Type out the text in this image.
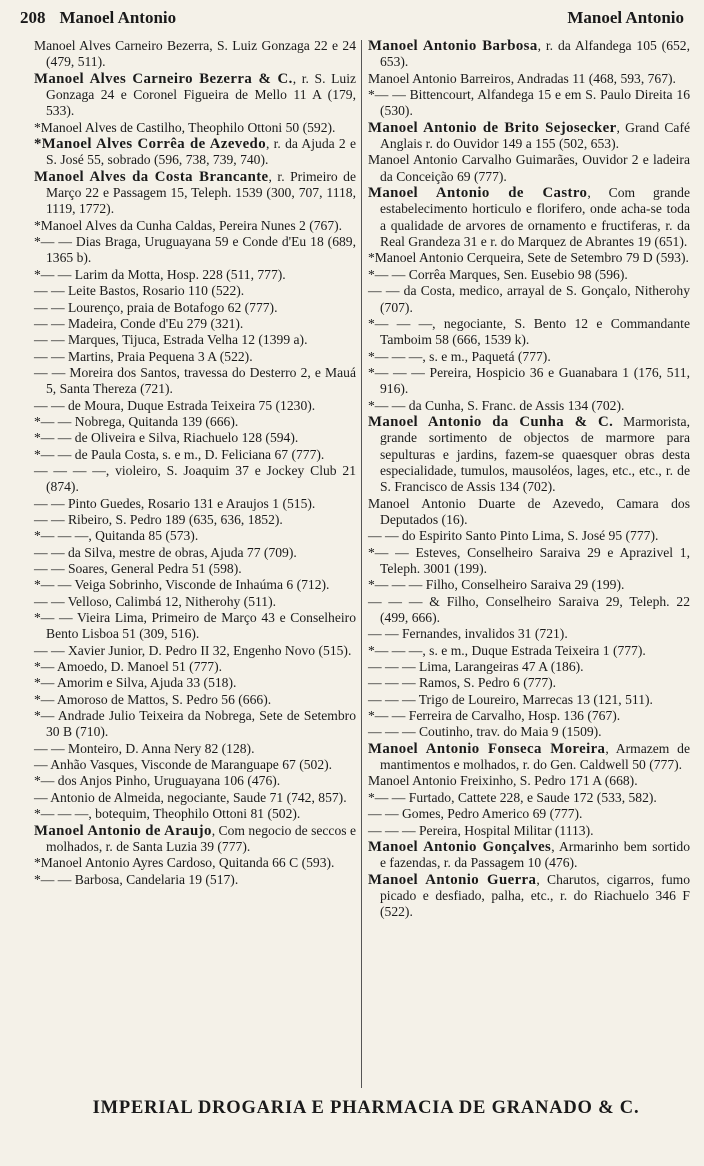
208 Manoel Antonio	Manoel Antonio

Manoel Alves Carneiro Bezerra, S. Luiz Gonzaga 22 e 24 (479, 511).

Manoel Alves Carneiro Bezerra & C., r. S. Luiz Gonzaga 24 e Coronel Figueira de Mello 11 A (179, 533).

*Manoel Alves de Castilho, Theophilo Ottoni 50 (592).

*Manoel Alves Corrêa de Azevedo, r. da Ajuda 2 e S. José 55, sobrado (596, 738, 739, 740).

Manoel Alves da Costa Brancante, r. Primeiro de Março 22 e Passagem 15, Teleph. 1539 (300, 707, 1118, 1119, 1772).

*Manoel Alves da Cunha Caldas, Pereira Nunes 2 (767).

*— — Dias Braga, Uruguayana 59 e Conde d'Eu 18 (689, 1365 b).

*— — Larim da Motta, Hosp. 228 (511, 777).

— — Leite Bastos, Rosario 110 (522).

— — Lourenço, praia de Botafogo 62 (777).

— — Madeira, Conde d'Eu 279 (321).

— — Marques, Tijuca, Estrada Velha 12 (1399 a).

— — Martins, Praia Pequena 3 A (522).

— — Moreira dos Santos, travessa do Desterro 2, e Mauá 5, Santa Thereza (721).

— — de Moura, Duque Estrada Teixeira 75 (1230).

*— — Nobrega, Quitanda 139 (666).

*— — de Oliveira e Silva, Riachuelo 128 (594).

*— — de Paula Costa, s. e m., D. Feliciana 67 (777).

— — — —, violeiro, S. Joaquim 37 e Jockey Club 21 (874).

— — Pinto Guedes, Rosario 131 e Araujos 1 (515).

— — Ribeiro, S. Pedro 189 (635, 636, 1852).

*— — —, Quitanda 85 (573).

— — da Silva, mestre de obras, Ajuda 77 (709).

— — Soares, General Pedra 51 (598).

*— — Veiga Sobrinho, Visconde de Inhaúma 6 (712).

— — Velloso, Calimbá 12, Nitherohy (511).

*— — Vieira Lima, Primeiro de Março 43 e Conselheiro Bento Lisboa 51 (309, 516).

— — Xavier Junior, D. Pedro II 32, Engenho Novo (515).

*— Amoedo, D. Manoel 51 (777).

*— Amorim e Silva, Ajuda 33 (518).

*— Amoroso de Mattos, S. Pedro 56 (666).

*— Andrade Julio Teixeira da Nobrega, Sete de Setembro 30 B (710).

— — Monteiro, D. Anna Nery 82 (128).

— Anhão Vasques, Visconde de Maranguape 67 (502).

*— dos Anjos Pinho, Uruguayana 106 (476).

— Antonio de Almeida, negociante, Saude 71 (742, 857).

*— — —, botequim, Theophilo Ottoni 81 (502).

Manoel Antonio de Araujo, Com negocio de seccos e molhados, r. de Santa Luzia 39 (777).

*Manoel Antonio Ayres Cardoso, Quitanda 66 C (593).

*— — Barbosa, Candelaria 19 (517).

Manoel Antonio Barbosa, r. da Alfandega 105 (652, 653).

Manoel Antonio Barreiros, Andradas 11 (468, 593, 767).

*— — Bittencourt, Alfandega 15 e em S. Paulo Direita 16 (530).

Manoel Antonio de Brito Sejosecker, Grand Café Anglais r. do Ouvidor 149 a 155 (502, 653).

Manoel Antonio Carvalho Guimarães, Ouvidor 2 e ladeira da Conceição 69 (777).

Manoel Antonio de Castro, Com grande estabelecimento horticulo e florifero, onde acha-se toda a qualidade de arvores de ornamento e fructiferas, r. da Real Grandeza 31 e r. do Marquez de Abrantes 19 (651).

*Manoel Antonio Cerqueira, Sete de Setembro 79 D (593).

*— — Corrêa Marques, Sen. Eusebio 98 (596).

— — da Costa, medico, arrayal de S. Gonçalo, Nitherohy (707).

*— — —, negociante, S. Bento 12 e Commandante Tamboim 58 (666, 1539 k).

*— — —, s. e m., Paquetá (777).

*— — — Pereira, Hospicio 36 e Guanabara 1 (176, 511, 916).

*— — da Cunha, S. Franc. de Assis 134 (702).

Manoel Antonio da Cunha & C. Marmorista, grande sortimento de objectos de marmore para sepulturas e jardins, fazem-se quaesquer obras desta especialidade, tumulos, mausoléos, lages, etc., etc., r. de S. Francisco de Assis 134 (702).

Manoel Antonio Duarte de Azevedo, Camara dos Deputados (16).

— — do Espirito Santo Pinto Lima, S. José 95 (777).

*— — Esteves, Conselheiro Saraiva 29 e Aprazivel 1, Teleph. 3001 (199).

*— — — Filho, Conselheiro Saraiva 29 (199).

— — — & Filho, Conselheiro Saraiva 29, Teleph. 22 (499, 666).

— — Fernandes, invalidos 31 (721).

*— — —, s. e m., Duque Estrada Teixeira 1 (777).

— — — Lima, Larangeiras 47 A (186).

— — — Ramos, S. Pedro 6 (777).

— — — Trigo de Loureiro, Marrecas 13 (121, 511).

*— — Ferreira de Carvalho, Hosp. 136 (767).

— — — Coutinho, trav. do Maia 9 (1509).

Manoel Antonio Fonseca Moreira, Armazem de mantimentos e molhados, r. do Gen. Caldwell 50 (777).

Manoel Antonio Freixinho, S. Pedro 171 A (668).

*— — Furtado, Cattete 228, e Saude 172 (533, 582).

— — Gomes, Pedro Americo 69 (777).

— — — Pereira, Hospital Militar (1113).

Manoel Antonio Gonçalves, Armarinho bem sortido e fazendas, r. da Passagem 10 (476).

Manoel Antonio Guerra, Charutos, cigarros, fumo picado e desfiado, palha, etc., r. do Riachuelo 346 F (522).

IMPERIAL DROGARIA E PHARMACIA DE GRANADO & C.
